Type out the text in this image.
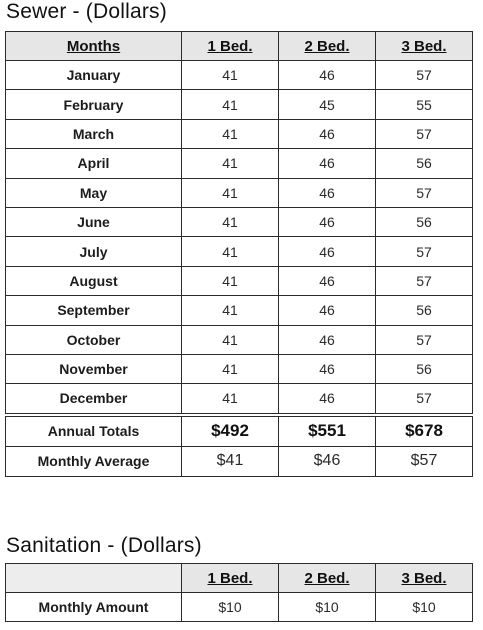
Sewer - (Dollars)
Months	1 Bed.	2 Bed.	3 Bed.
January	41	46	57
February	41	45	55
March	41	46	57
April	41	46	56
May	41	46	57
June	41	46	56
July	41	46	57
August	41	46	57
September	41	46	56
October	41	46	57
November	41	46	56
December	41	46	57
Annual Totals	$492	$551	$678
Monthly Average	$41	$46	$57
Sanitation - (Dollars)
	1 Bed.	2 Bed.	3 Bed.
Monthly Amount	$10	$10	$10
